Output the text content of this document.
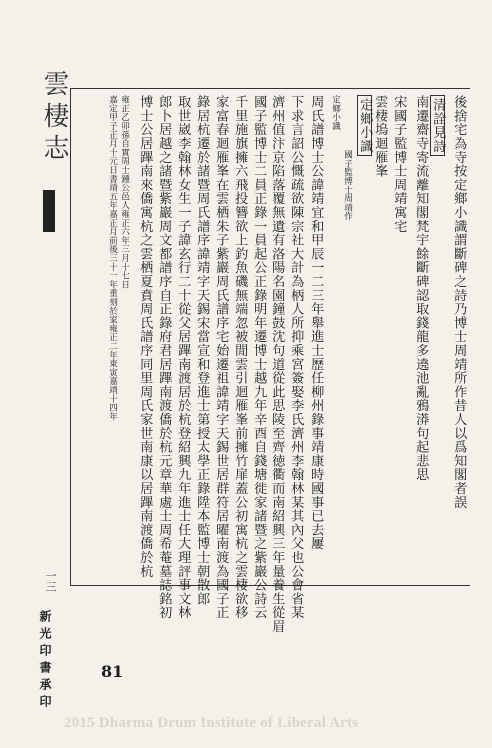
雲棲志
一三
新光印書承印
後捨宅為寺按定鄉小識謂斷碑之詩乃博士周靖所作昔人以爲知閣者誤
清詮見詩
南遷齋寺寄流離知閣梵宇餘斷碑認取錢龍多遶池亂鴉漭句起悲思
宋國子監博士周靖寓宅
雲棲塢迴雁峯
定鄉小識
國子監博士周靖作
定鄉小識
周氏譜博士公諱靖宜和甲辰一二三年舉進士歷任柳州錄事靖康時國事已去屢
下求言詔公慨疏欲陳宗社大計為柄人所抑乘宮簽娶李氏濟州李翰林某其內父也公會省某
濟州值汴京陷落覆無遺有洛陽名園鐘鼓沈句道從此思陵至齊徳衢而南紹興三年量養生從眉
國子監博士二員正錄一員起公正錄明年遷博士越九年辛酉自錢塘徙家諸暨之紫巖公詩云
千里施旗擁六飛投簪欲上釣魚磯無端忽被閒雲引迴雁峯前擁竹扉蓋公初寓杭之雲棲欲移
家富春迴雁峯在雲栖朱子紫巖周氏譜序宅始遷祖諱靖字天錫世居群符居曜南渡為國子正
錄居杭遷於諸暨周氏譜序諱靖字天錫宋當宣和登進士第授太學正錄陞本監博士朝散郎
取世崴李翰林女生一子諱玄行二十從父居蹕南渡居於杭登紹興九年進士任大理評事文林
郎卜居越之諸暨紫巖周文都譜序自正錄府君居蹕南渡僑於杭元章華處士周希菴墓誌銘初
博士公居蹕南來僑寓杭之雲栖夏賁周氏譜序同里周氏家世南康以居蹕南渡僑於杭
雍正乙卯孫自實周士鍾公邑人雍正六年三月十七日
嘉定甲子正月十元日書靖五年嘉正月前後三十一年重刻於家雍正二年東寅嘉靖十四年
81
2015 Dharma Drum Institute of Liberal Arts
